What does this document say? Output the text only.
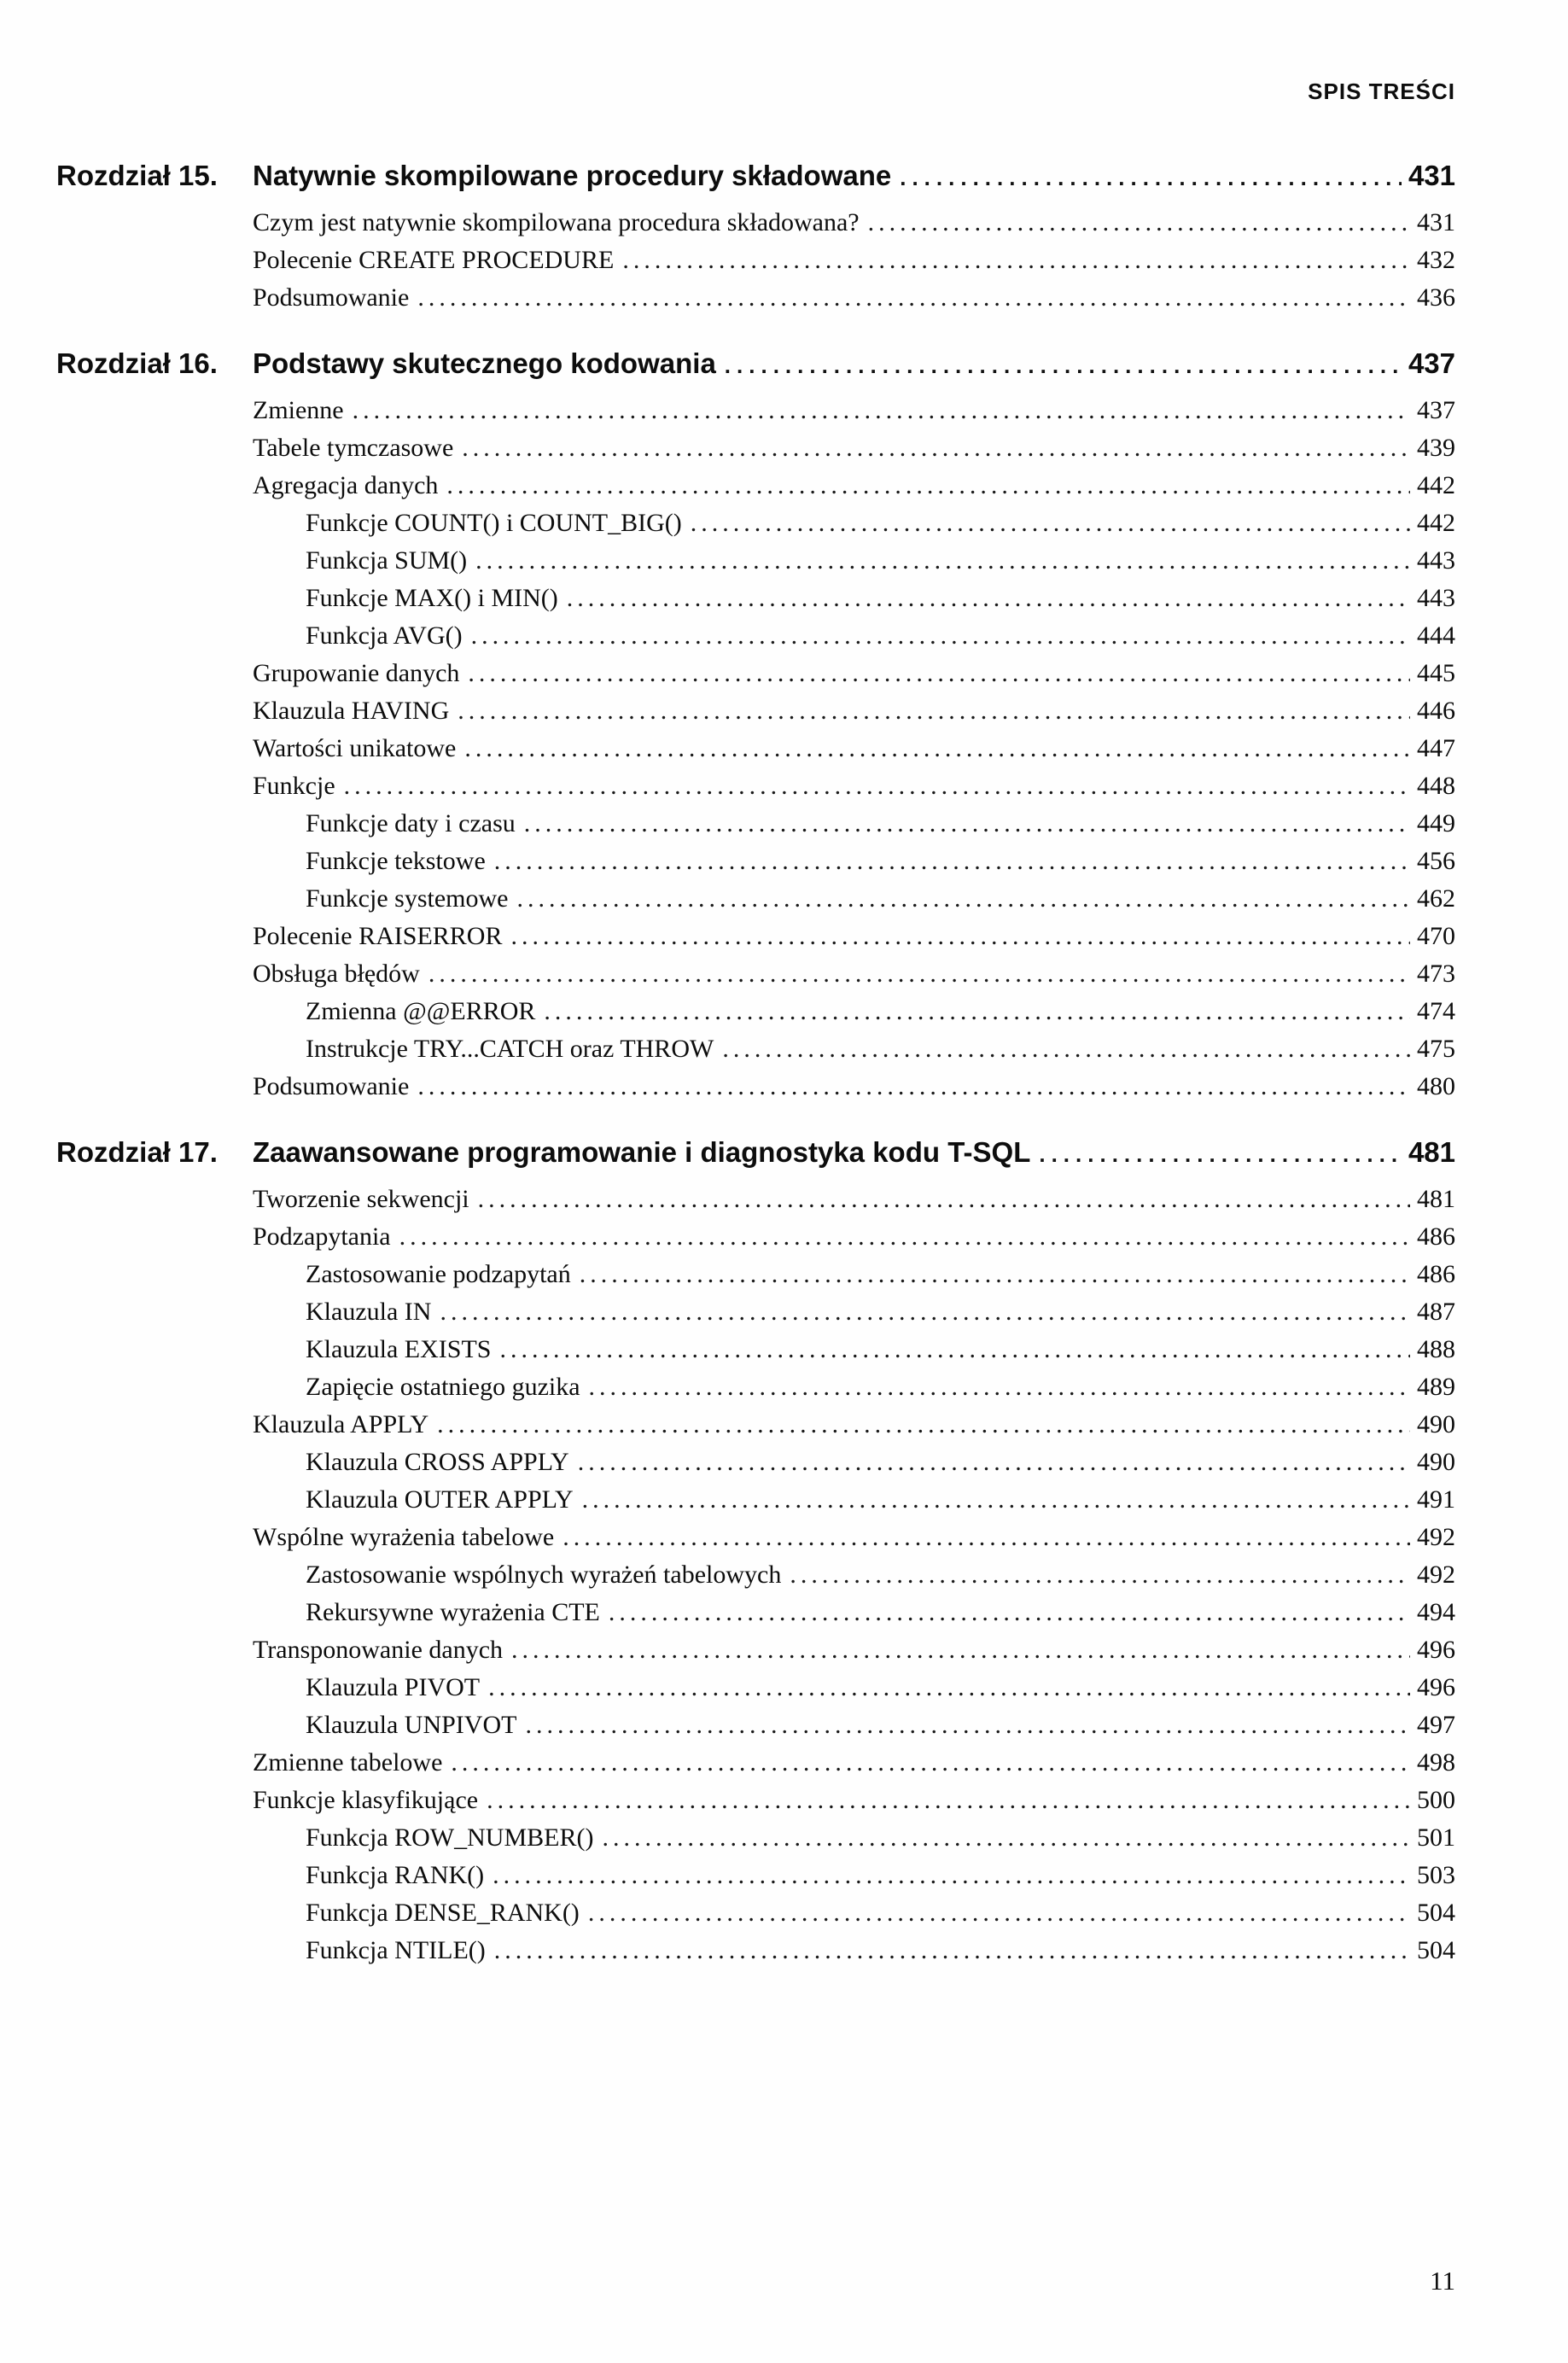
SPIS TREŚCI
Rozdział 15.	Natywnie skompilowane procedury składowane .....	431
Czym jest natywnie skompilowana procedura składowana? .....	431
Polecenie CREATE PROCEDURE .....	432
Podsumowanie .....	436
Rozdział 16.	Podstawy skutecznego kodowania .....	437
Zmienne .....	437
Tabele tymczasowe .....	439
Agregacja danych .....	442
Funkcje COUNT() i COUNT_BIG() .....	442
Funkcja SUM() .....	443
Funkcje MAX() i MIN() .....	443
Funkcja AVG() .....	444
Grupowanie danych .....	445
Klauzula HAVING .....	446
Wartości unikatowe .....	447
Funkcje .....	448
Funkcje daty i czasu .....	449
Funkcje tekstowe .....	456
Funkcje systemowe .....	462
Polecenie RAISERROR .....	470
Obsługa błędów .....	473
Zmienna @@ERROR .....	474
Instrukcje TRY...CATCH oraz THROW .....	475
Podsumowanie .....	480
Rozdział 17.	Zaawansowane programowanie i diagnostyka kodu T-SQL .....	481
Tworzenie sekwencji .....	481
Podzapytania .....	486
Zastosowanie podzapytań .....	486
Klauzula IN .....	487
Klauzula EXISTS .....	488
Zapięcie ostatniego guzika .....	489
Klauzula APPLY .....	490
Klauzula CROSS APPLY .....	490
Klauzula OUTER APPLY .....	491
Wspólne wyrażenia tabelowe .....	492
Zastosowanie wspólnych wyrażeń tabelowych .....	492
Rekursywne wyrażenia CTE .....	494
Transponowanie danych .....	496
Klauzula PIVOT .....	496
Klauzula UNPIVOT .....	497
Zmienne tabelowe .....	498
Funkcje klasyfikujące .....	500
Funkcja ROW_NUMBER() .....	501
Funkcja RANK() .....	503
Funkcja DENSE_RANK() .....	504
Funkcja NTILE() .....	504
11
